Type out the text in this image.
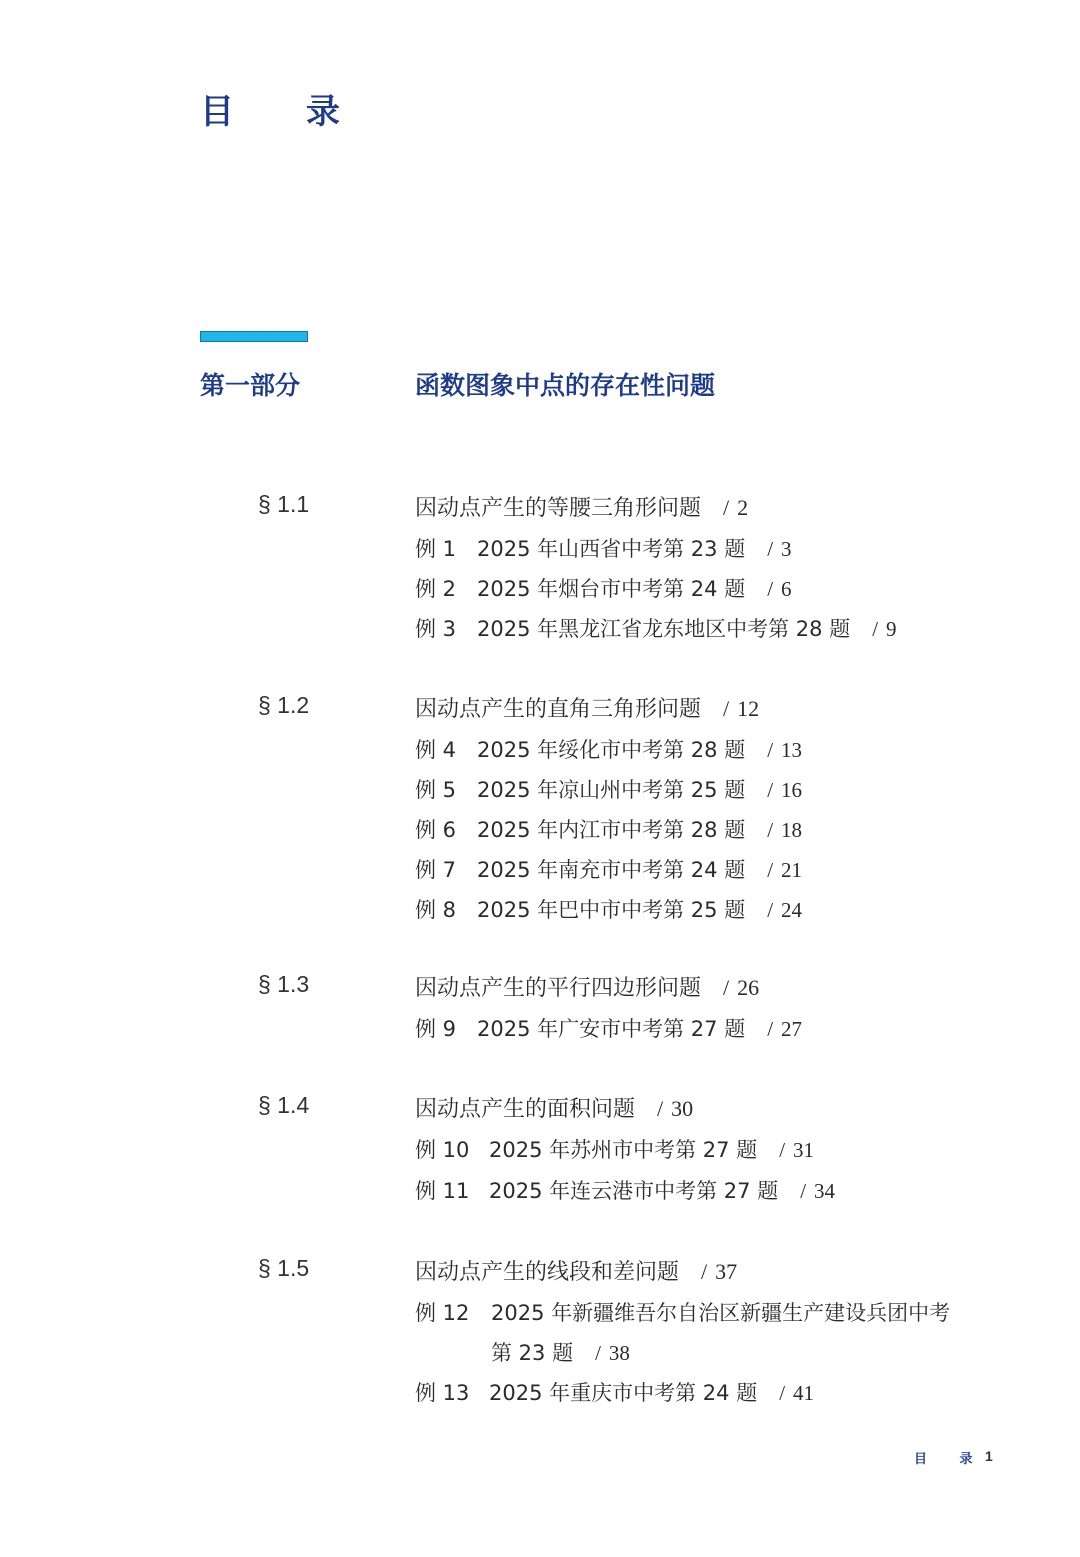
目 录
第一部分	函数图象中点的存在性问题
§ 1.1	因动点产生的等腰三角形问题 / 2
例 1 2025 年山西省中考第 23 题 / 3
例 2 2025 年烟台市中考第 24 题 / 6
例 3 2025 年黑龙江省龙东地区中考第 28 题 / 9
§ 1.2	因动点产生的直角三角形问题 / 12
例 4 2025 年绥化市中考第 28 题 / 13
例 5 2025 年凉山州中考第 25 题 / 16
例 6 2025 年内江市中考第 28 题 / 18
例 7 2025 年南充市中考第 24 题 / 21
例 8 2025 年巴中市中考第 25 题 / 24
§ 1.3	因动点产生的平行四边形问题 / 26
例 9 2025 年广安市中考第 27 题 / 27
§ 1.4	因动点产生的面积问题 / 30
例 10 2025 年苏州市中考第 27 题 / 31
例 11 2025 年连云港市中考第 27 题 / 34
§ 1.5	因动点产生的线段和差问题 / 37
例 12 2025 年新疆维吾尔自治区新疆生产建设兵团中考
第 23 题 / 38
例 13 2025 年重庆市中考第 24 题 / 41
目 录
1
